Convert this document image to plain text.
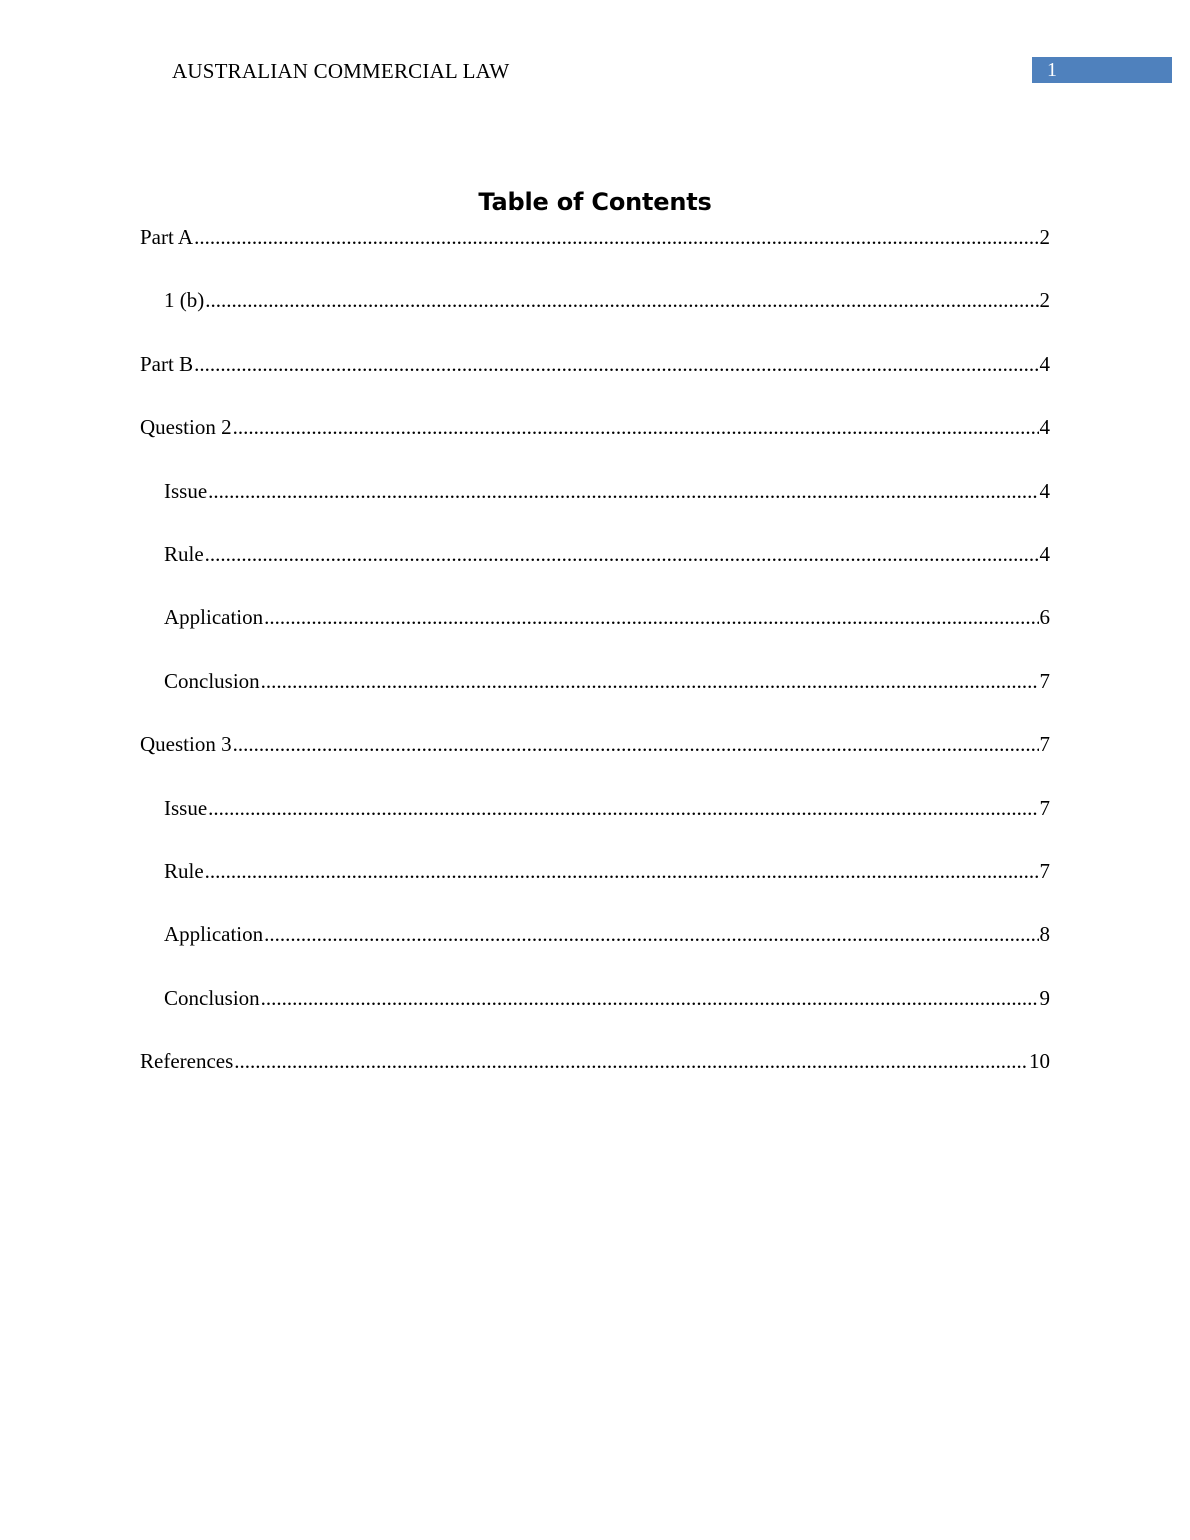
AUSTRALIAN COMMERCIAL LAW	1
Table of Contents
Part A .....	2
1 (b) .....	2
Part B .....	4
Question 2 .....	4
Issue .....	4
Rule .....	4
Application .....	6
Conclusion .....	7
Question 3 .....	7
Issue .....	7
Rule .....	7
Application .....	8
Conclusion .....	9
References .....	10
